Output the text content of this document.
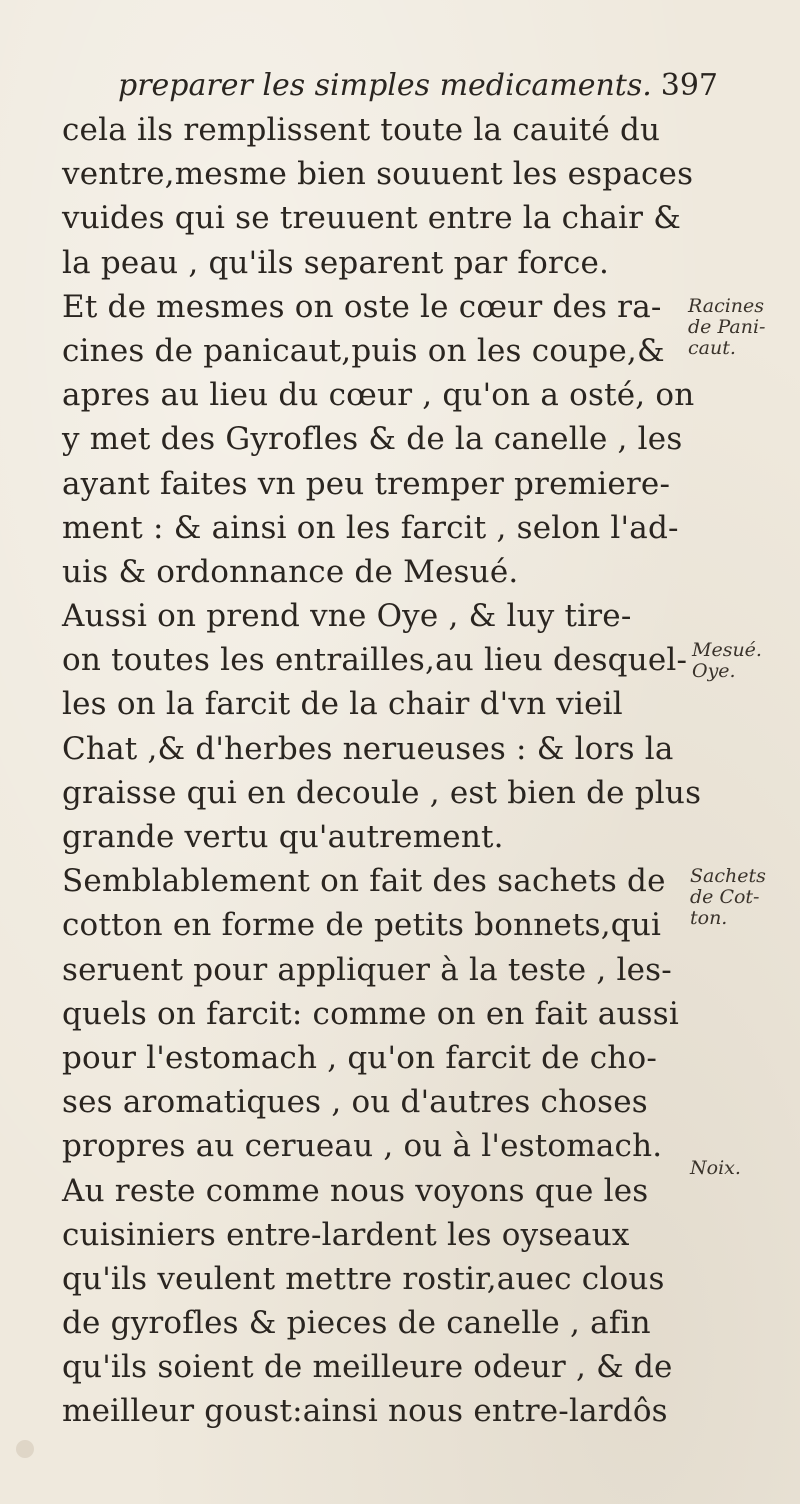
preparer les simples medicaments. 397
cela ils remplissent toute la cauité du
ventre,mesme bien souuent les espaces
vuides qui se treuuent entre la chair &
la peau , qu'ils separent par force.
Et de mesmes on oste le cœur des ra-
cines de panicaut,puis on les coupe,&
apres au lieu du cœur , qu'on a osté, on
y met des Gyrofles & de la canelle , les
ayant faites vn peu tremper premiere-
ment : & ainsi on les farcit , selon l'ad-
uis & ordonnance de Mesué.
Aussi on prend vne Oye , & luy tire-
on toutes les entrailles,au lieu desquel-
les on la farcit de la chair d'vn vieil
Chat ,& d'herbes nerueuses : & lors la
graisse qui en decoule , est bien de plus
grande vertu qu'autrement.
Semblablement on fait des sachets de
cotton en forme de petits bonnets,qui
seruent pour appliquer à la teste , les-
quels on farcit: comme on en fait aussi
pour l'estomach , qu'on farcit de cho-
ses aromatiques , ou d'autres choses
propres au cerueau , ou à l'estomach.
Au reste comme nous voyons que les
cuisiniers entre-lardent les oyseaux
qu'ils veulent mettre rostir,auec clous
de gyrofles & pieces de canelle , afin
qu'ils soient de meilleure odeur , & de
meilleur goust:ainsi nous entre-lardôs
Racines
de Pani-
caut.
Mesué.
Oye.
Sachets
de Cot-
ton.
Noix.
